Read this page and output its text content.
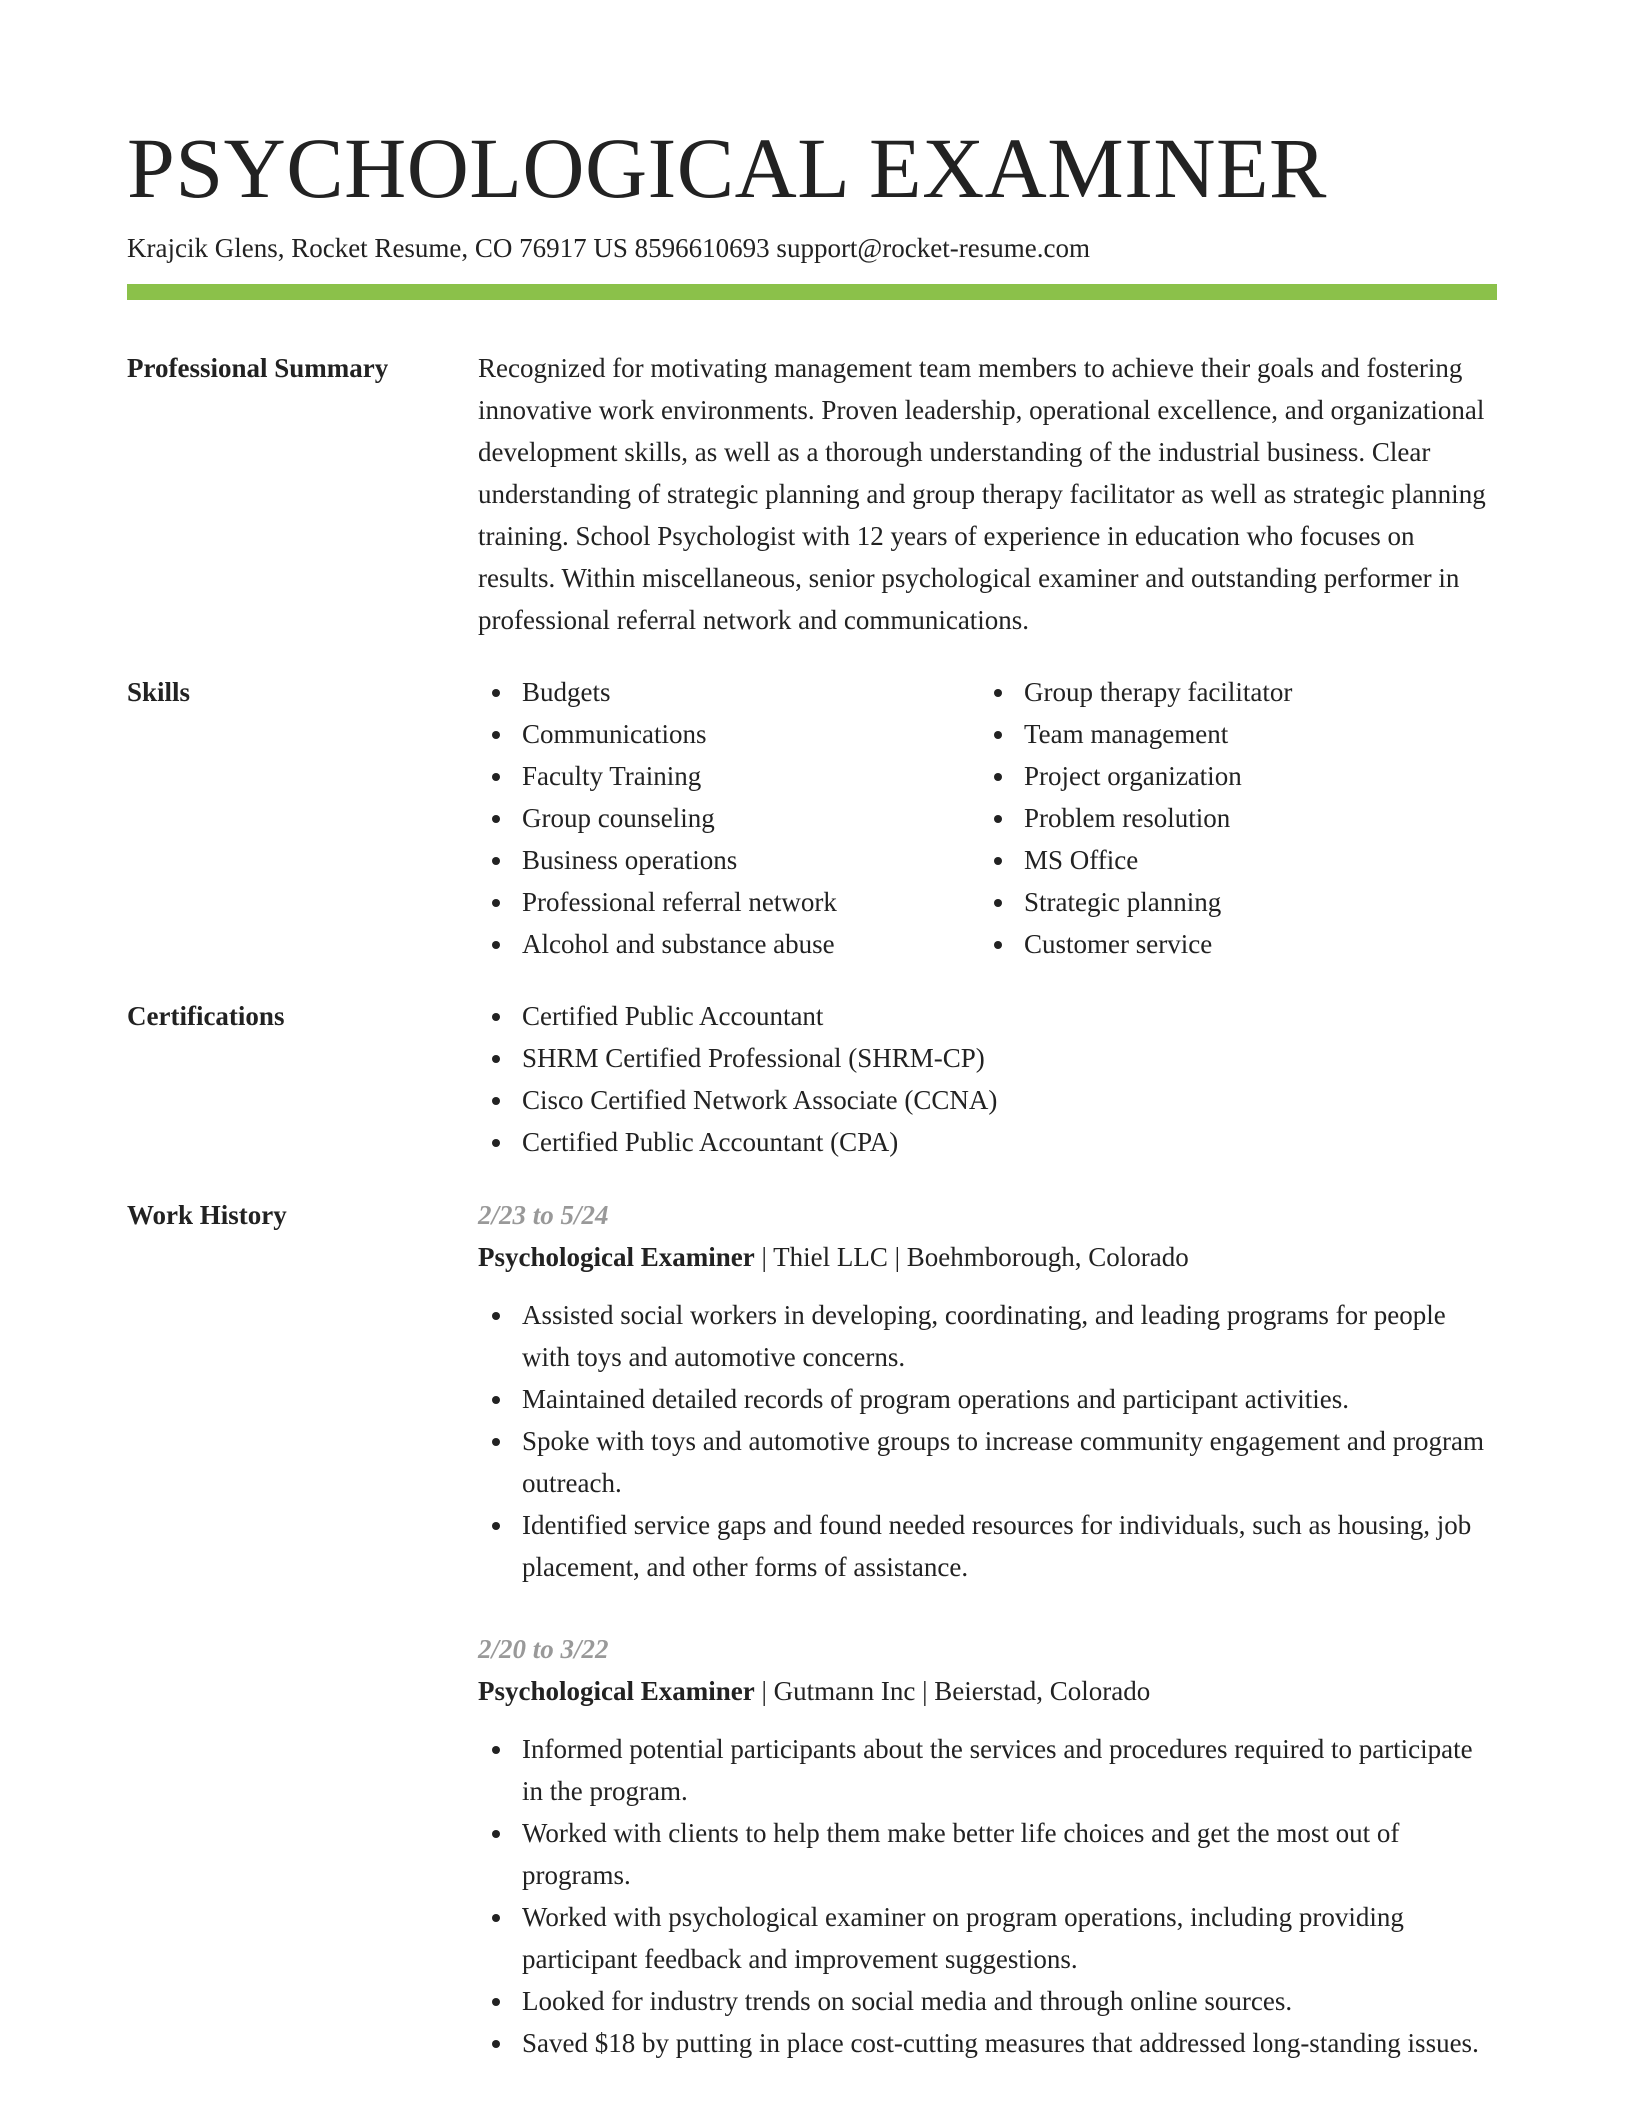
PSYCHOLOGICAL EXAMINER
Krajcik Glens, Rocket Resume, CO 76917 US 8596610693 support@rocket-resume.com
Professional Summary	Recognized for motivating management team members to achieve their goals and fostering innovative work environments. Proven leadership, operational excellence, and organizational development skills, as well as a thorough understanding of the industrial business. Clear understanding of strategic planning and group therapy facilitator as well as strategic planning training. School Psychologist with 12 years of experience in education who focuses on results. Within miscellaneous, senior psychological examiner and outstanding performer in professional referral network and communications.

Skills	Budgets
Communications
Faculty Training
Group counseling
Business operations
Professional referral network
Alcohol and substance abuse
Group therapy facilitator
Team management
Project organization
Problem resolution
MS Office
Strategic planning
Customer service
Certifications	Certified Public Accountant
SHRM Certified Professional (SHRM-CP)
Cisco Certified Network Associate (CCNA)
Certified Public Accountant (CPA)
Work History	2/23 to 5/24
Psychological Examiner | Thiel LLC | Boehmborough, Colorado
Assisted social workers in developing, coordinating, and leading programs for people with toys and automotive concerns.
Maintained detailed records of program operations and participant activities.
Spoke with toys and automotive groups to increase community engagement and program outreach.
Identified service gaps and found needed resources for individuals, such as housing, job placement, and other forms of assistance.
2/20 to 3/22
Psychological Examiner | Gutmann Inc | Beierstad, Colorado
Informed potential participants about the services and procedures required to participate in the program.
Worked with clients to help them make better life choices and get the most out of programs.
Worked with psychological examiner on program operations, including providing participant feedback and improvement suggestions.
Looked for industry trends on social media and through online sources.
Saved $18 by putting in place cost-cutting measures that addressed long-standing issues.
